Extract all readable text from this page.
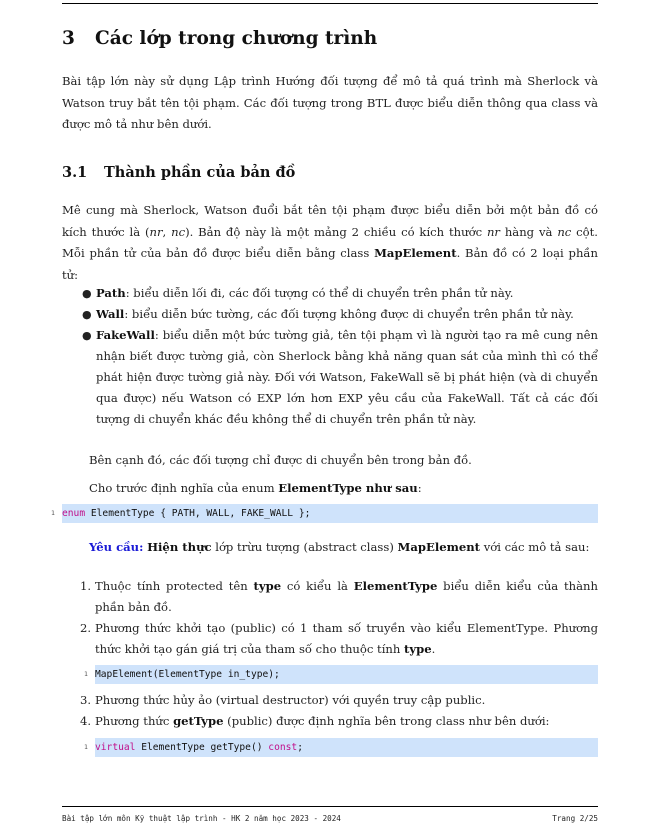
3 Các lớp trong chương trình

Bài tập lớn này sử dụng Lập trình Hướng đối tượng để mô tả quá trình mà Sherlock và Watson truy bắt tên tội phạm. Các đối tượng trong BTL được biểu diễn thông qua class và được mô tả như bên dưới.

3.1 Thành phần của bản đồ

Mê cung mà Sherlock, Watson đuổi bắt tên tội phạm được biểu diễn bởi một bản đồ có kích thước là (nr, nc). Bản độ này là một mảng 2 chiều có kích thước nr hàng và nc cột. Mỗi phần tử của bản đồ được biểu diễn bằng class MapElement. Bản đồ có 2 loại phần tử:

● Path: biểu diễn lối đi, các đối tượng có thể di chuyển trên phần tử này.
● Wall: biểu diễn bức tường, các đối tượng không được di chuyển trên phần tử này.
● FakeWall: biểu diễn một bức tường giả, tên tội phạm vì là người tạo ra mê cung nên nhận biết được tường giả, còn Sherlock bằng khả năng quan sát của mình thì có thể phát hiện được tường giả này. Đối với Watson, FakeWall sẽ bị phát hiện (và di chuyển qua được) nếu Watson có EXP lớn hơn EXP yêu cầu của FakeWall. Tất cả các đối tượng di chuyển khác đều không thể di chuyển trên phần tử này.

Bên cạnh đó, các đối tượng chỉ được di chuyển bên trong bản đồ.

Cho trước định nghĩa của enum ElementType như sau:

1 enum ElementType { PATH, WALL, FAKE_WALL };

Yêu cầu: Hiện thực lớp trừu tượng (abstract class) MapElement với các mô tả sau:

1. Thuộc tính protected tên type có kiểu là ElementType biểu diễn kiểu của thành phần bản đồ.
2. Phương thức khởi tạo (public) có 1 tham số truyền vào kiểu ElementType. Phương thức khởi tạo gán giá trị của tham số cho thuộc tính type.
1 MapElement(ElementType in_type);
3. Phương thức hủy ảo (virtual destructor) với quyền truy cập public.
4. Phương thức getType (public) được định nghĩa bên trong class như bên dưới:
1 virtual ElementType getType() const;
Bài tập lớn môn Kỹ thuật lập trình - HK 2 năm học 2023 - 2024	Trang 2/25
